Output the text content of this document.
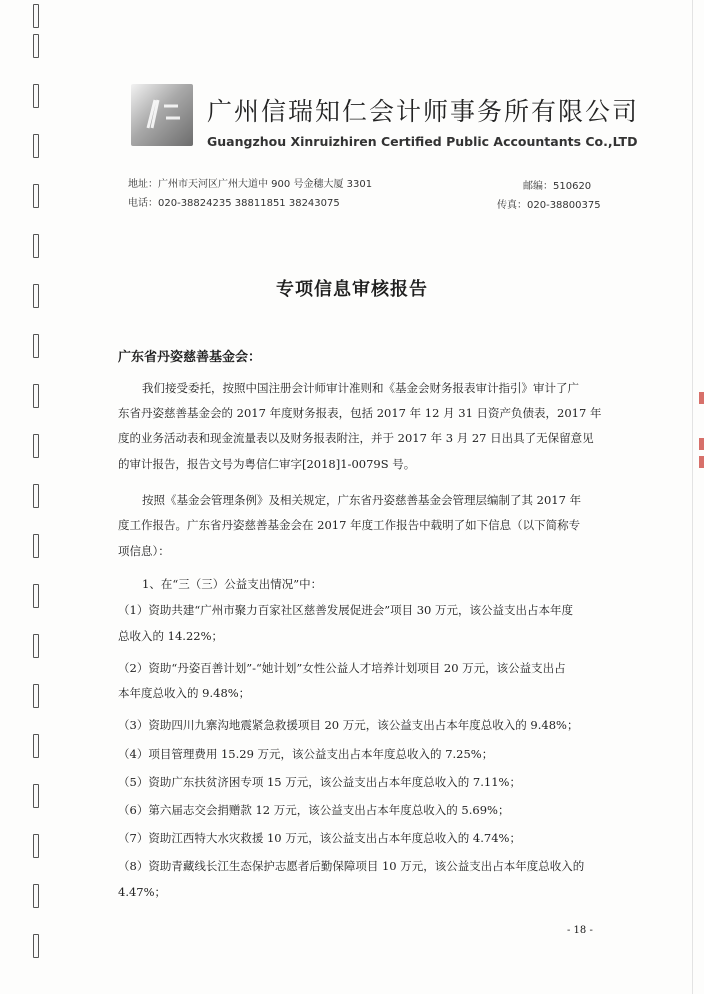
广州信瑞知仁会计师事务所有限公司
Guangzhou Xinruizhiren Certified Public Accountants Co.,LTD
地址：广州市天河区广州大道中 900 号金穗大厦 3301	邮编：510620
电话：020-38824235 38811851 38243075	传真：020-38800375
专项信息审核报告
广东省丹姿慈善基金会：
我们接受委托，按照中国注册会计师审计准则和《基金会财务报表审计指引》审计了广
东省丹姿慈善基金会的 2017 年度财务报表，包括 2017 年 12 月 31 日资产负债表，2017 年
度的业务活动表和现金流量表以及财务报表附注，并于 2017 年 3 月 27 日出具了无保留意见
的审计报告，报告文号为粤信仁审字[2018]1-0079S 号。
按照《基金会管理条例》及相关规定，广东省丹姿慈善基金会管理层编制了其 2017 年
度工作报告。广东省丹姿慈善基金会在 2017 年度工作报告中载明了如下信息（以下简称专
项信息）：
1、在“三（三）公益支出情况”中：
（1）资助共建“广州市聚力百家社区慈善发展促进会”项目 30 万元，该公益支出占本年度
总收入的 14.22%；
（2）资助“丹姿百善计划”-“她计划”女性公益人才培养计划项目 20 万元，该公益支出占
本年度总收入的 9.48%；
（3）资助四川九寨沟地震紧急救援项目 20 万元，该公益支出占本年度总收入的 9.48%；
（4）项目管理费用 15.29 万元，该公益支出占本年度总收入的 7.25%；
（5）资助广东扶贫济困专项 15 万元，该公益支出占本年度总收入的 7.11%；
（6）第六届志交会捐赠款 12 万元，该公益支出占本年度总收入的 5.69%；
（7）资助江西特大水灾救援 10 万元，该公益支出占本年度总收入的 4.74%；
（8）资助青藏线长江生态保护志愿者后勤保障项目 10 万元，该公益支出占本年度总收入的
4.47%；
- 18 -
